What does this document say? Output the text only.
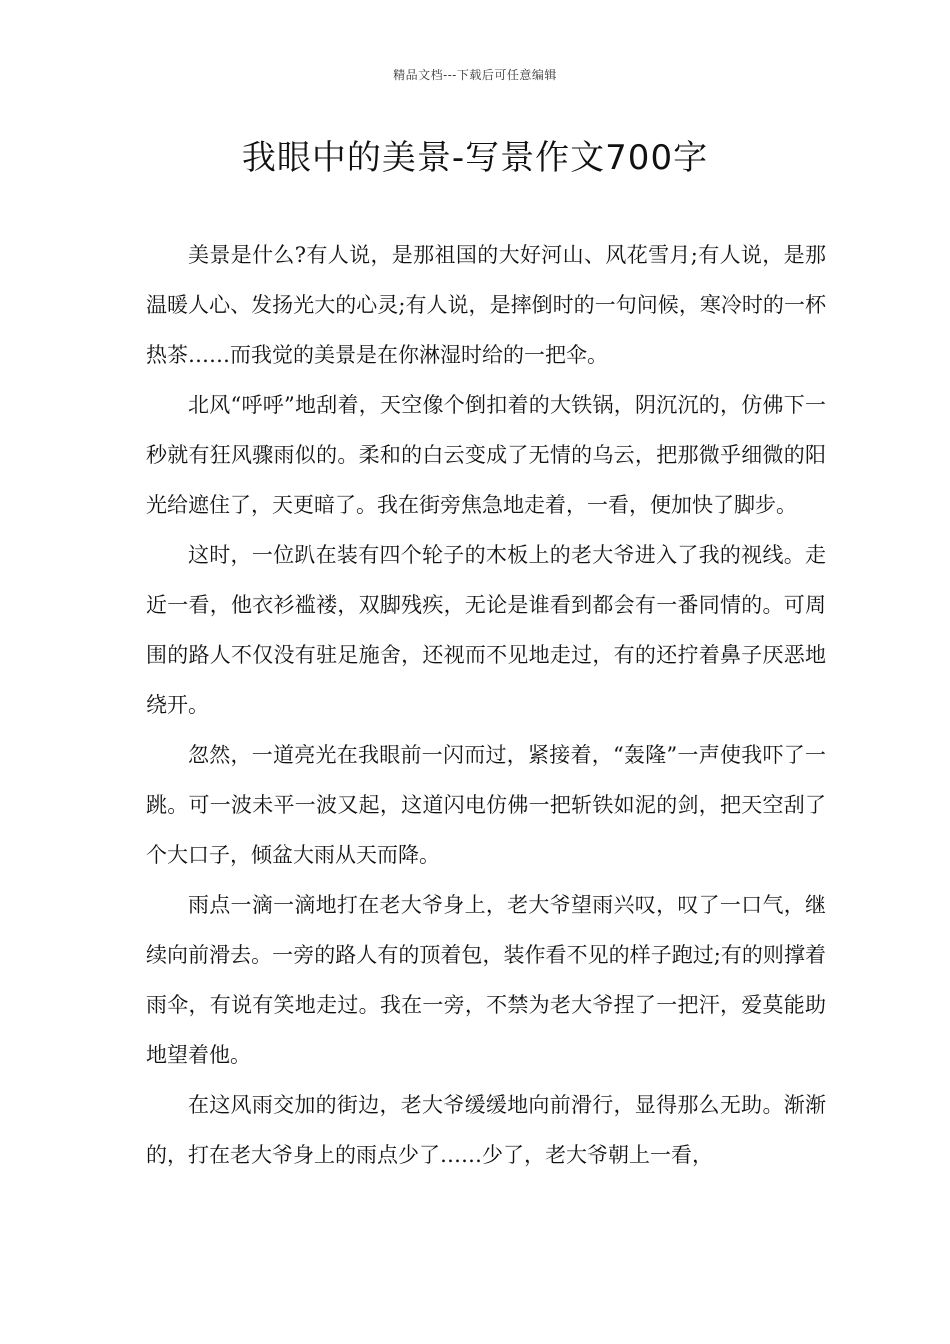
精品文档---下载后可任意编辑
我眼中的美景-写景作文700字

美景是什么?有人说，是那祖国的大好河山、风花雪月;有人说，是那温暖人心、发扬光大的心灵;有人说，是摔倒时的一句问候，寒冷时的一杯热茶……而我觉的美景是在你淋湿时给的一把伞。

北风“呼呼”地刮着，天空像个倒扣着的大铁锅，阴沉沉的，仿佛下一秒就有狂风骤雨似的。柔和的白云变成了无情的乌云，把那微乎细微的阳光给遮住了，天更暗了。我在街旁焦急地走着，一看，便加快了脚步。

这时，一位趴在装有四个轮子的木板上的老大爷进入了我的视线。走近一看，他衣衫褴褛，双脚残疾，无论是谁看到都会有一番同情的。可周围的路人不仅没有驻足施舍，还视而不见地走过，有的还拧着鼻子厌恶地绕开。

忽然，一道亮光在我眼前一闪而过，紧接着，“轰隆”一声使我吓了一跳。可一波未平一波又起，这道闪电仿佛一把斩铁如泥的剑，把天空刮了个大口子，倾盆大雨从天而降。

雨点一滴一滴地打在老大爷身上，老大爷望雨兴叹，叹了一口气，继续向前滑去。一旁的路人有的顶着包，装作看不见的样子跑过;有的则撑着雨伞，有说有笑地走过。我在一旁，不禁为老大爷捏了一把汗，爱莫能助地望着他。

在这风雨交加的街边，老大爷缓缓地向前滑行，显得那么无助。渐渐的，打在老大爷身上的雨点少了……少了，老大爷朝上一看，
